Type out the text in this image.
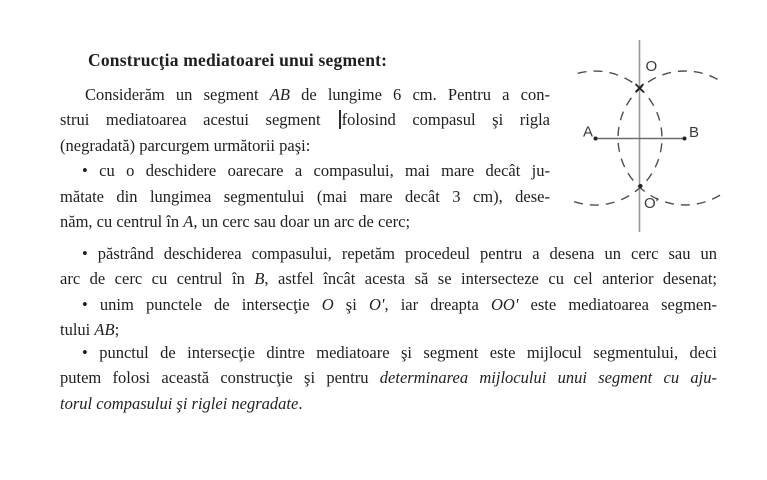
Construcţia mediatoarei unui segment:
Considerăm un segment AB de lungime 6 cm. Pentru a con-
strui mediatoarea acestui segment folosind compasul şi rigla
(negradată) parcurgem următorii paşi:
• cu o deschidere oarecare a compasului, mai mare decât ju-
mătate din lungimea segmentului (mai mare decât 3 cm), dese-
năm, cu centrul în A, un cerc sau doar un arc de cerc;
• păstrând deschiderea compasului, repetăm procedeul pentru a desena un cerc sau un
arc de cerc cu centrul în B, astfel încât acesta să se intersecteze cu cel anterior desenat;
• unim punctele de intersecţie O şi O', iar dreapta OO' este mediatoarea segmen-
tului AB;
• punctul de intersecţie dintre mediatoare şi segment este mijlocul segmentului, deci
putem folosi această construcţie şi pentru determinarea mijlocului unui segment cu aju-
torul compasului şi riglei negradate.
O
A	B
O'
